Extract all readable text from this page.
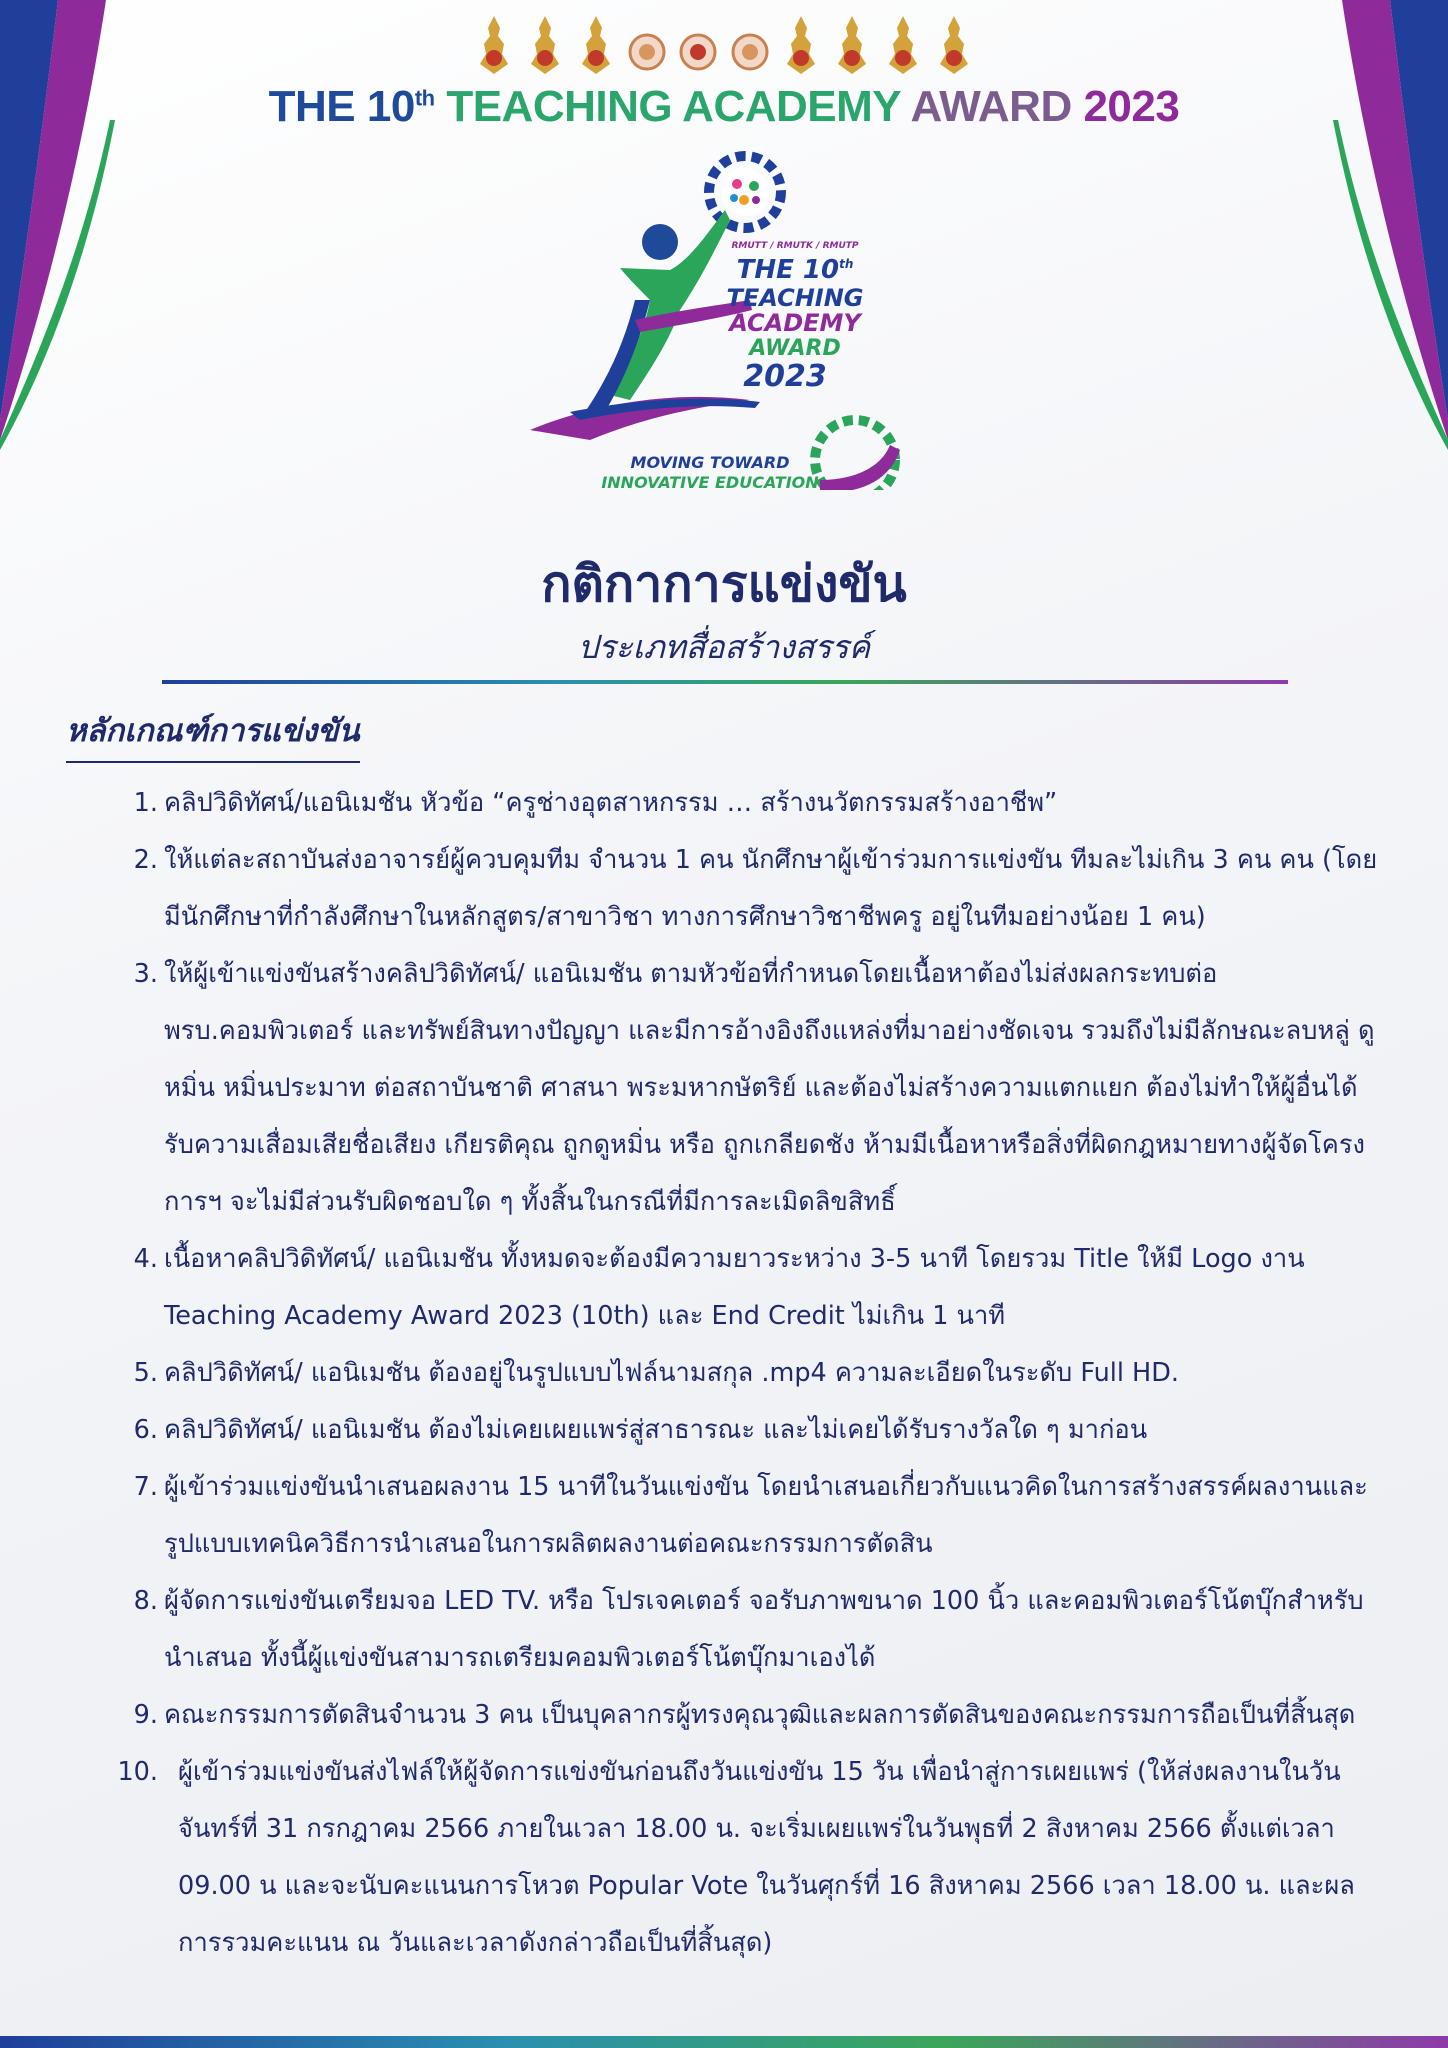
THE 10th TEACHING ACADEMY AWARD 2023
RMUTT / RMUTK / RMUTP
THE 10th
TEACHING
ACADEMY
AWARD
2023
MOVING TOWARD
INNOVATIVE EDUCATION
กติกาการแข่งขัน
ประเภทสื่อสร้างสรรค์
หลักเกณฑ์การแข่งขัน
1. คลิปวิดิทัศน์/แอนิเมชัน หัวข้อ “ครูช่างอุตสาหกรรม … สร้างนวัตกรรมสร้างอาชีพ”
2. ให้แต่ละสถาบันส่งอาจารย์ผู้ควบคุมทีม จำนวน 1 คน นักศึกษาผู้เข้าร่วมการแข่งขัน ทีมละไม่เกิน 3 คน คน (โดยมีนักศึกษาที่กำลังศึกษาในหลักสูตร/สาขาวิชา ทางการศึกษาวิชาชีพครู อยู่ในทีมอย่างน้อย 1 คน)
3. ให้ผู้เข้าแข่งขันสร้างคลิปวิดิทัศน์/ แอนิเมชัน ตามหัวข้อที่กำหนดโดยเนื้อหาต้องไม่ส่งผลกระทบต่อ พรบ.คอมพิวเตอร์ และทรัพย์สินทางปัญญา และมีการอ้างอิงถึงแหล่งที่มาอย่างชัดเจน รวมถึงไม่มีลักษณะลบหลู่ ดูหมิ่น หมิ่นประมาท ต่อสถาบันชาติ ศาสนา พระมหากษัตริย์ และต้องไม่สร้างความแตกแยก ต้องไม่ทำให้ผู้อื่นได้รับความเสื่อมเสียชื่อเสียง เกียรติคุณ ถูกดูหมิ่น หรือ ถูกเกลียดชัง ห้ามมีเนื้อหาหรือสิ่งที่ผิดกฎหมายทางผู้จัดโครงการฯ จะไม่มีส่วนรับผิดชอบใด ๆ ทั้งสิ้นในกรณีที่มีการละเมิดลิขสิทธิ์
4. เนื้อหาคลิปวิดิทัศน์/ แอนิเมชัน ทั้งหมดจะต้องมีความยาวระหว่าง 3-5 นาที โดยรวม Title ให้มี Logo งาน Teaching Academy Award 2023 (10th) และ End Credit ไม่เกิน 1 นาที
5. คลิปวิดิทัศน์/ แอนิเมชัน ต้องอยู่ในรูปแบบไฟล์นามสกุล .mp4 ความละเอียดในระดับ Full HD.
6. คลิปวิดิทัศน์/ แอนิเมชัน ต้องไม่เคยเผยแพร่สู่สาธารณะ และไม่เคยได้รับรางวัลใด ๆ มาก่อน
7. ผู้เข้าร่วมแข่งขันนำเสนอผลงาน 15 นาทีในวันแข่งขัน โดยนำเสนอเกี่ยวกับแนวคิดในการสร้างสรรค์ผลงานและรูปแบบเทคนิควิธีการนำเสนอในการผลิตผลงานต่อคณะกรรมการตัดสิน
8. ผู้จัดการแข่งขันเตรียมจอ LED TV. หรือ โปรเจคเตอร์ จอรับภาพขนาด 100 นิ้ว และคอมพิวเตอร์โน้ตบุ๊กสำหรับนำเสนอ ทั้งนี้ผู้แข่งขันสามารถเตรียมคอมพิวเตอร์โน้ตบุ๊กมาเองได้
9. คณะกรรมการตัดสินจำนวน 3 คน เป็นบุคลากรผู้ทรงคุณวุฒิและผลการตัดสินของคณะกรรมการถือเป็นที่สิ้นสุด
10. ผู้เข้าร่วมแข่งขันส่งไฟล์ให้ผู้จัดการแข่งขันก่อนถึงวันแข่งขัน 15 วัน เพื่อนำสู่การเผยแพร่ (ให้ส่งผลงานในวันจันทร์ที่ 31 กรกฎาคม 2566 ภายในเวลา 18.00 น. จะเริ่มเผยแพร่ในวันพุธที่ 2 สิงหาคม 2566 ตั้งแต่เวลา 09.00 น และจะนับคะแนนการโหวต Popular Vote ในวันศุกร์ที่ 16 สิงหาคม 2566 เวลา 18.00 น. และผลการรวมคะแนน ณ วันและเวลาดังกล่าวถือเป็นที่สิ้นสุด)
